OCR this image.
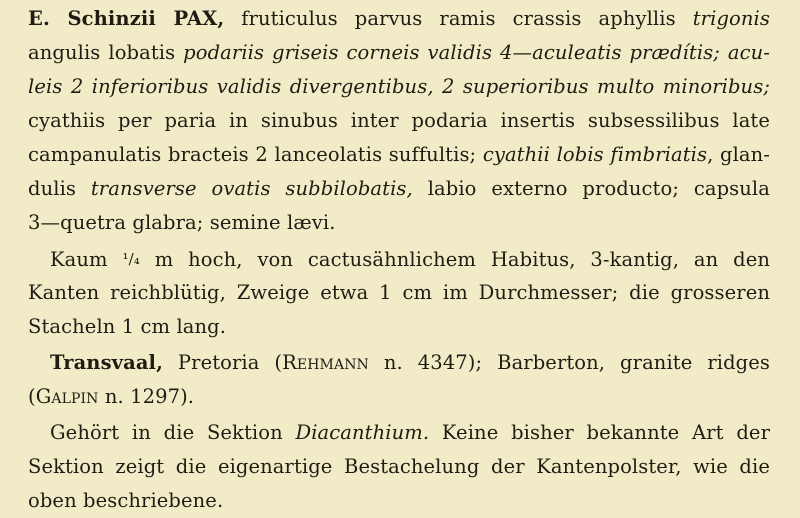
E. Schinzii PAX, fruticulus parvus ramis crassis aphyllis trigonis
angulis lobatis podariis griseis corneis validis 4—aculeatis prædítis; acu-
leis 2 inferioribus validis divergentibus, 2 superioribus multo minoribus;
cyathiis per paria in sinubus inter podaria insertis subsessilibus late
campanulatis bracteis 2 lanceolatis suffultis; cyathii lobis fimbriatis, glan-
dulis transverse ovatis subbilobatis, labio externo producto; capsula
3—quetra glabra; semine lævi.
Kaum ¹/₄ m hoch, von cactusähnlichem Habitus, 3-kantig, an den
Kanten reichblütig, Zweige etwa 1 cm im Durchmesser; die grosseren
Stacheln 1 cm lang.
Transvaal, Pretoria (Rehmann n. 4347); Barberton, granite ridges
(Galpin n. 1297).
Gehört in die Sektion Diacanthium. Keine bisher bekannte Art der
Sektion zeigt die eigenartige Bestachelung der Kantenpolster, wie die
oben beschriebene.
